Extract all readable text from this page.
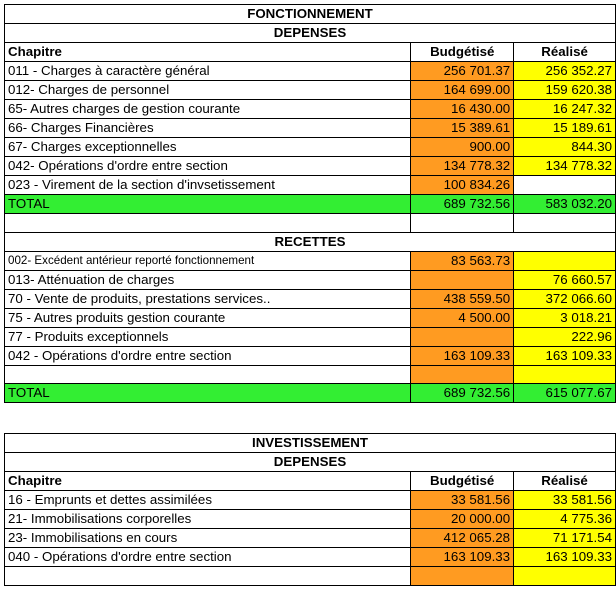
FONCTIONNEMENT		
DEPENSES		
Chapitre	Budgétisé	Réalisé
011 - Charges à caractère général	256 701.37	256 352.27
012- Charges de personnel	164 699.00	159 620.38
65- Autres charges de gestion courante	16 430.00	16 247.32
66- Charges Financières	15 389.61	15 189.61
67- Charges exceptionnelles	900.00	844.30
042- Opérations d'ordre entre section	134 778.32	134 778.32
023 - Virement de la section d'invsetissement	100 834.26	
TOTAL	689 732.56	583 032.20

RECETTES		
002- Excédent antérieur reporté fonctionnement	83 563.73	
013- Atténuation de charges		76 660.57
70 - Vente de produits, prestations services..	438 559.50	372 066.60
75 - Autres produits gestion courante	4 500.00	3 018.21
77 - Produits exceptionnels		222.96
042 - Opérations d'ordre entre section	163 109.33	163 109.33

TOTAL	689 732.56	615 077.67
INVESTISSEMENT		
DEPENSES		
Chapitre	Budgétisé	Réalisé
16 - Emprunts et dettes assimilées	33 581.56	33 581.56
21- Immobilisations corporelles	20 000.00	4 775.36
23- Immobilisations en cours	412 065.28	71 171.54
040 - Opérations d'ordre entre section	163 109.33	163 109.33
